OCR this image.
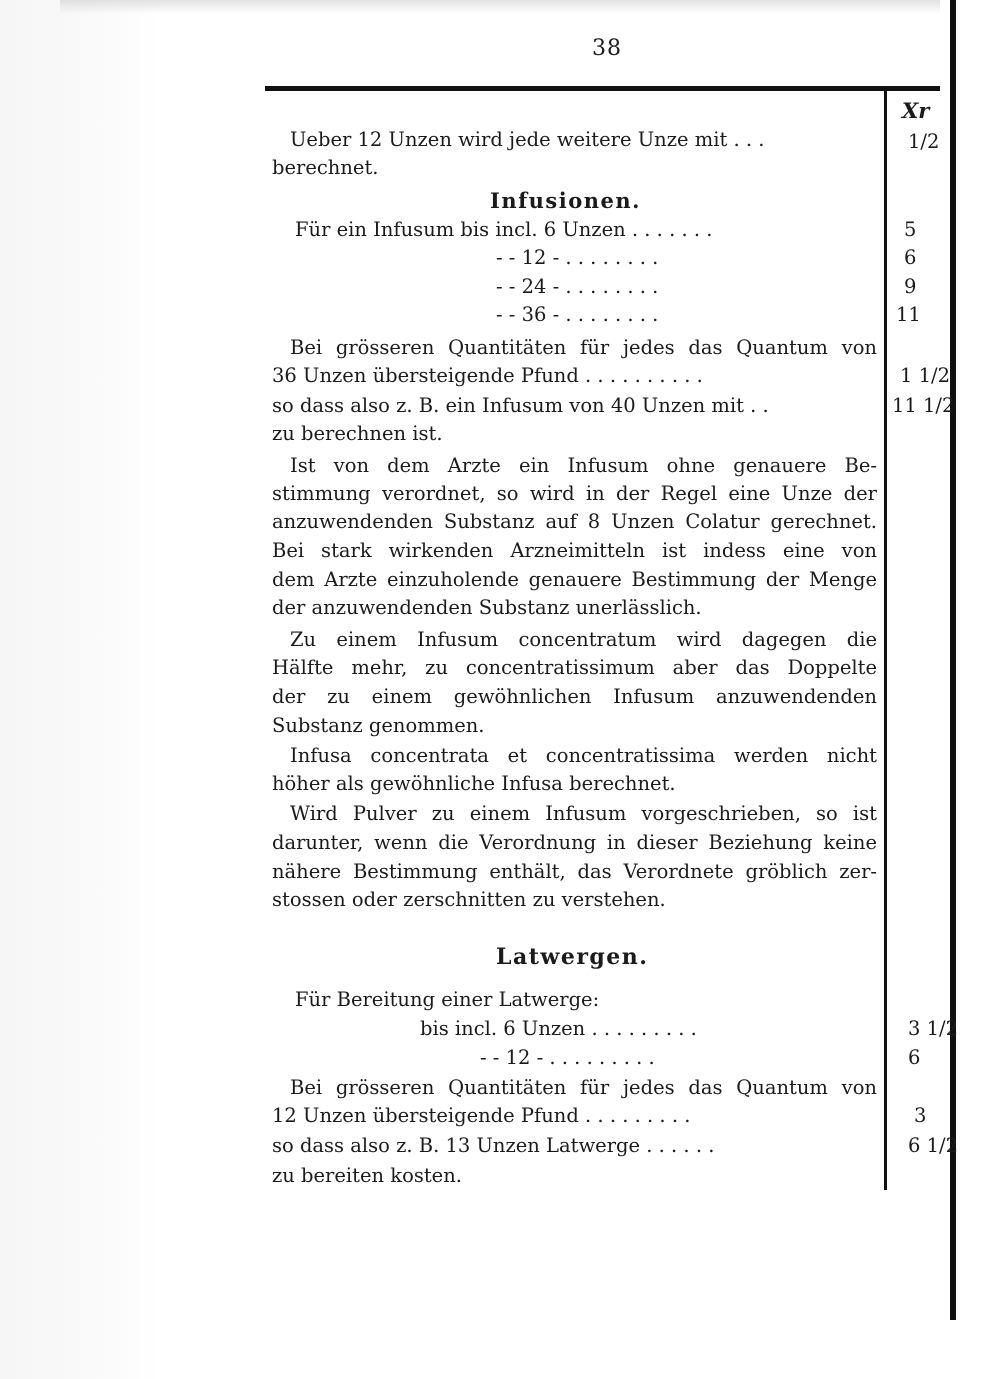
38
Xr
Ueber 12 Unzen wird jede weitere Unze mit . . .	1/2
berechnet.
Infusionen.
Für ein Infusum bis incl. 6 Unzen . . . . . . .	5
- - 12 - . . . . . . . .	6
- - 24 - . . . . . . . .	9
- - 36 - . . . . . . . .	11
Bei grösseren Quantitäten für jedes das Quantum von
36 Unzen übersteigende Pfund . . . . . . . . . .	1 1/2
so dass also z. B. ein Infusum von 40 Unzen mit . .	11 1/2
zu berechnen ist.
Ist von dem Arzte ein Infusum ohne genauere Be-
stimmung verordnet, so wird in der Regel eine Unze der
anzuwendenden Substanz auf 8 Unzen Colatur gerechnet.
Bei stark wirkenden Arzneimitteln ist indess eine von
dem Arzte einzuholende genauere Bestimmung der Menge
der anzuwendenden Substanz unerlässlich.
Zu einem Infusum concentratum wird dagegen die
Hälfte mehr, zu concentratissimum aber das Doppelte
der zu einem gewöhnlichen Infusum anzuwendenden
Substanz genommen.
Infusa concentrata et concentratissima werden nicht
höher als gewöhnliche Infusa berechnet.
Wird Pulver zu einem Infusum vorgeschrieben, so ist
darunter, wenn die Verordnung in dieser Beziehung keine
nähere Bestimmung enthält, das Verordnete gröblich zer-
stossen oder zerschnitten zu verstehen.
Latwergen.
Für Bereitung einer Latwerge:
bis incl. 6 Unzen . . . . . . . . .	3 1/2
- - 12 - . . . . . . . . .	6
Bei grösseren Quantitäten für jedes das Quantum von
12 Unzen übersteigende Pfund . . . . . . . . .	3
so dass also z. B. 13 Unzen Latwerge . . . . . .	6 1/2
zu bereiten kosten.
